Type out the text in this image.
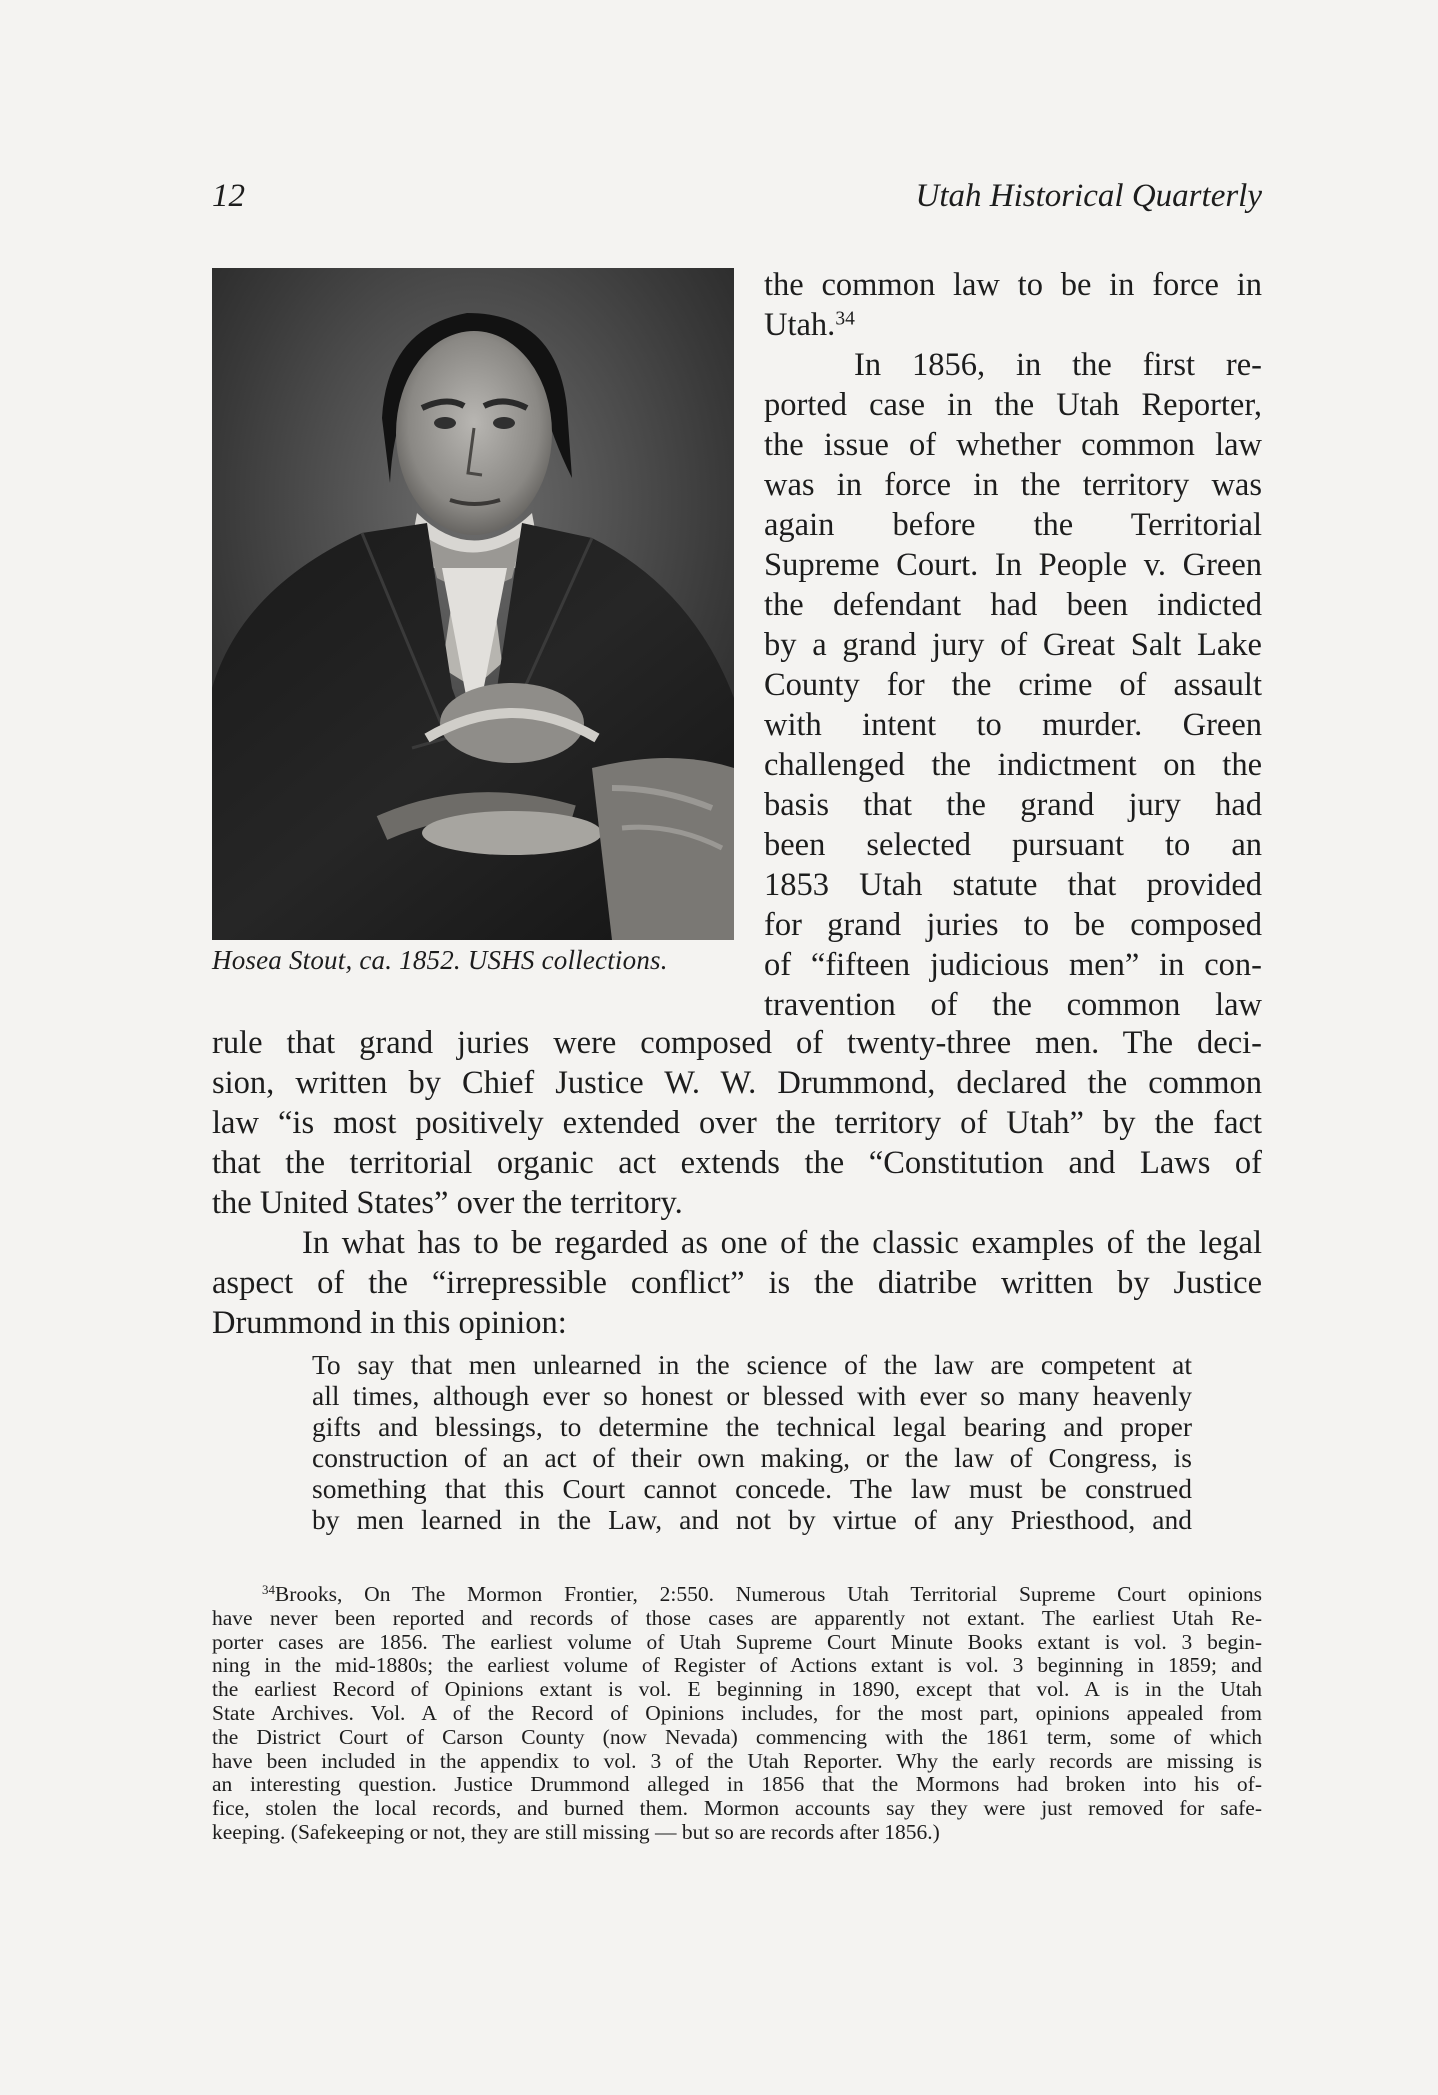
12	Utah Historical Quarterly
Hosea Stout, ca. 1852. USHS collections.
the common law to be in force in
Utah.$^{34}$
In 1856, in the first re-
ported case in the Utah Reporter,
the issue of whether common law
was in force in the territory was
again before the Territorial
Supreme Court. In People v. Green
the defendant had been indicted
by a grand jury of Great Salt Lake
County for the crime of assault
with intent to murder. Green
challenged the indictment on the
basis that the grand jury had
been selected pursuant to an
1853 Utah statute that provided
for grand juries to be composed
of “fifteen judicious men” in con-
travention of the common law
rule that grand juries were composed of twenty-three men. The deci-
sion, written by Chief Justice W. W. Drummond, declared the common
law “is most positively extended over the territory of Utah” by the fact
that the territorial organic act extends the “Constitution and Laws of
the United States” over the territory.
In what has to be regarded as one of the classic examples of the legal
aspect of the “irrepressible conflict” is the diatribe written by Justice
Drummond in this opinion:
To say that men unlearned in the science of the law are competent at
all times, although ever so honest or blessed with ever so many heavenly
gifts and blessings, to determine the technical legal bearing and proper
construction of an act of their own making, or the law of Congress, is
something that this Court cannot concede. The law must be construed
by men learned in the Law, and not by virtue of any Priesthood, and
$^{34}$Brooks, On The Mormon Frontier, 2:550. Numerous Utah Territorial Supreme Court opinions
have never been reported and records of those cases are apparently not extant. The earliest Utah Re-
porter cases are 1856. The earliest volume of Utah Supreme Court Minute Books extant is vol. 3 begin-
ning in the mid-1880s; the earliest volume of Register of Actions extant is vol. 3 beginning in 1859; and
the earliest Record of Opinions extant is vol. E beginning in 1890, except that vol. A is in the Utah
State Archives. Vol. A of the Record of Opinions includes, for the most part, opinions appealed from
the District Court of Carson County (now Nevada) commencing with the 1861 term, some of which
have been included in the appendix to vol. 3 of the Utah Reporter. Why the early records are missing is
an interesting question. Justice Drummond alleged in 1856 that the Mormons had broken into his of-
fice, stolen the local records, and burned them. Mormon accounts say they were just removed for safe-
keeping. (Safekeeping or not, they are still missing — but so are records after 1856.)
